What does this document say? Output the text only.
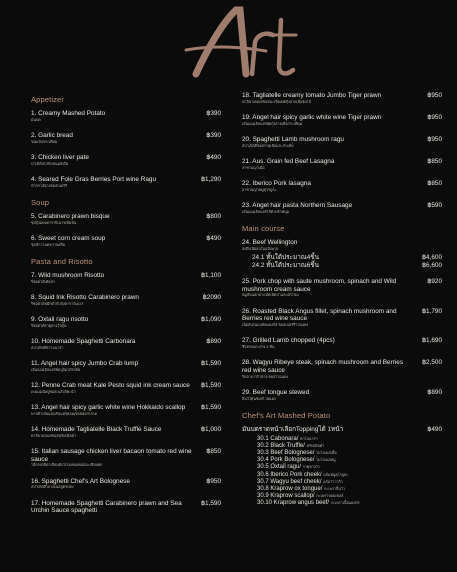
Appetizer
1. Creamy Mashed Potato
มันบด
฿390
2. Garlic bread
ขนมปังกระเทียม
฿390
3. Chicken liver pate
ปาเต้ตับไก่กับขนมปังปิ้ง
฿490
4. Seared Foie Gras Berries Port wine Ragu
ฟัวกราส์ย่างซอสเบอร์รี่
฿1,290
Soup
5. Carabinero prawn bisque
ซุปกุ้งแดงคาราบิเนโรเข้มข้น
฿800
6. Sweet corn cream soup
ซุปข้าวโพดหวานครีม
฿490
Pasta and Risotto
7. Wild mushroom Risotto
ริซอตโต้เห็ดป่า
฿1,100
8. Squid Ink Risotto Carabinero prawn
ริซอตโต้หมึกดำกับกุ้งคาราบิเนโร
฿2090
9. Oxtail ragu risotto
ริซอตโต้ราคุหางวัวตุ๋น
฿1,090
10. Homemade Spaghetti Carbonara
สปาเก็ตตี้คาโบนาร่า
฿890
11. Angel hair spicy Jumbo Crab lump
เส้นแองเจิ้ลแฮร์ผัดปูจัมโบ้รสจัด
฿1,590
12. Penne Crab meat Kale Pesto squid ink cream sauce
เพนเน่เนื้อปูซอสเพสโต้คะน้า
฿1,590
13. Angel hair spicy garlic white wine Hokkaido scallop
พาสต้าเส้นแองเจิ้ลแฮร์หอยเชลล์ฮอกไกโด
฿1,590
14. Homemade Tagliatelle Black Truffle Sauce
ทาลิอาเตลเล่ซอสทรัฟเฟิลดำ
฿1,000
15. Italian sausage chicken liver bacaon tomato red wine sauce
ไส้กรอกอิตาเลียนตับไก่เบคอนซอสมะเขือเทศ
฿850
16. Spaghetti Chef's Art Bolognese
สปาเก็ตตี้โบโลเนสสูตรเชฟ
฿950
17. Homemade Spaghetti Carabinero prawn and Sea Urchin Sauce spaghetti
฿1,590
18. Tagliatelle creamy tomato Jumbo Tiger prawn
ทาลิอาเตลเล่ซอสมะเขือเทศกุ้งลายเสือจัมโบ้
฿950
19. Angel hair spicy garlic white wine Tiger prawn
เส้นแองเจิ้ลแฮร์ผัดกุ้งลายเสือกระเทียม
฿950
20. Spaghetti Lamb mushroom ragu
สปาเก็ตตี้ซอสราคุเนื้อแกะกับเห็ด
฿950
21. Aus. Grain fed Beef Lasagna
ลาซานญ่าเนื้อ
฿850
22. Iberico Pork lasagna
ลาซานญ่าหมูคุโรบูตะ
฿850
23. Angel hair pasta Northern Sausage
เส้นแองเจิ้ลแฮร์ไส้อั่วพริกหนุ่ม
฿590
Main course
24. Beef Wellington
สเต๊กเนื้ออบในแป้งพาย
24.1 ทั้นใต้ประมาณ4ชิ้น	฿4,600
24.2 ทั้นใต้ประมาณ6ชิ้น	฿6,600
25. Pork chop with saute mushroom, spinach and Wild mushroom cream sauce
หมูสันนอกย่าง ผัดเห็ดป่าและผักโขม
฿920
26. Roasted Black Angus fillet, spinach mushroom and Berries red wine sauce
เนื้อสันในแบล็คแองกัส ซอสเบอร์รี่ไวน์แดง
฿1,790
27. Grilled Lamb chopped (4pcs)
ซี่โครงแกะย่าง 4 ชิ้น
฿1,690
28. Wagyu Ribeye steak, spinach mushroom and Berries red wine sauce
ริบอายวากิวย่าง ซอสไวน์แดง
฿2,500
29. Beef tongue stewed
ลิ้นวัวตุ๋นซอสไวน์แดง
฿890
Chef's Art Mashed Potato
มันบดราดหน้าเลือกToppingได้ 1หน้า	฿490
30.1 Cabonara/ คาโบนาร่า
30.2 Black Truffle/ ทรัฟเฟิลดำ
30.3 Beef Bolognese/ โบโลเนสเนื้อ
30.4 Pork Bolognese/ โบโลเนสหมู
30.5 Oxtail ragu/ ราคุหางวัว
30.6 Iberico Pork cheek/ แก้มหมูคุโรบูตะ
30.7 Wagyu beef cheek/ แก้มวัววากิว
30.8 Kraprow ox tongue/ กะเพราลิ้นวัว
30.9 Kraprow scallop/ กะเพราหอยเชลล์
30.10 Kraprow angus beef/ กะเพราเนื้อแองกัส
